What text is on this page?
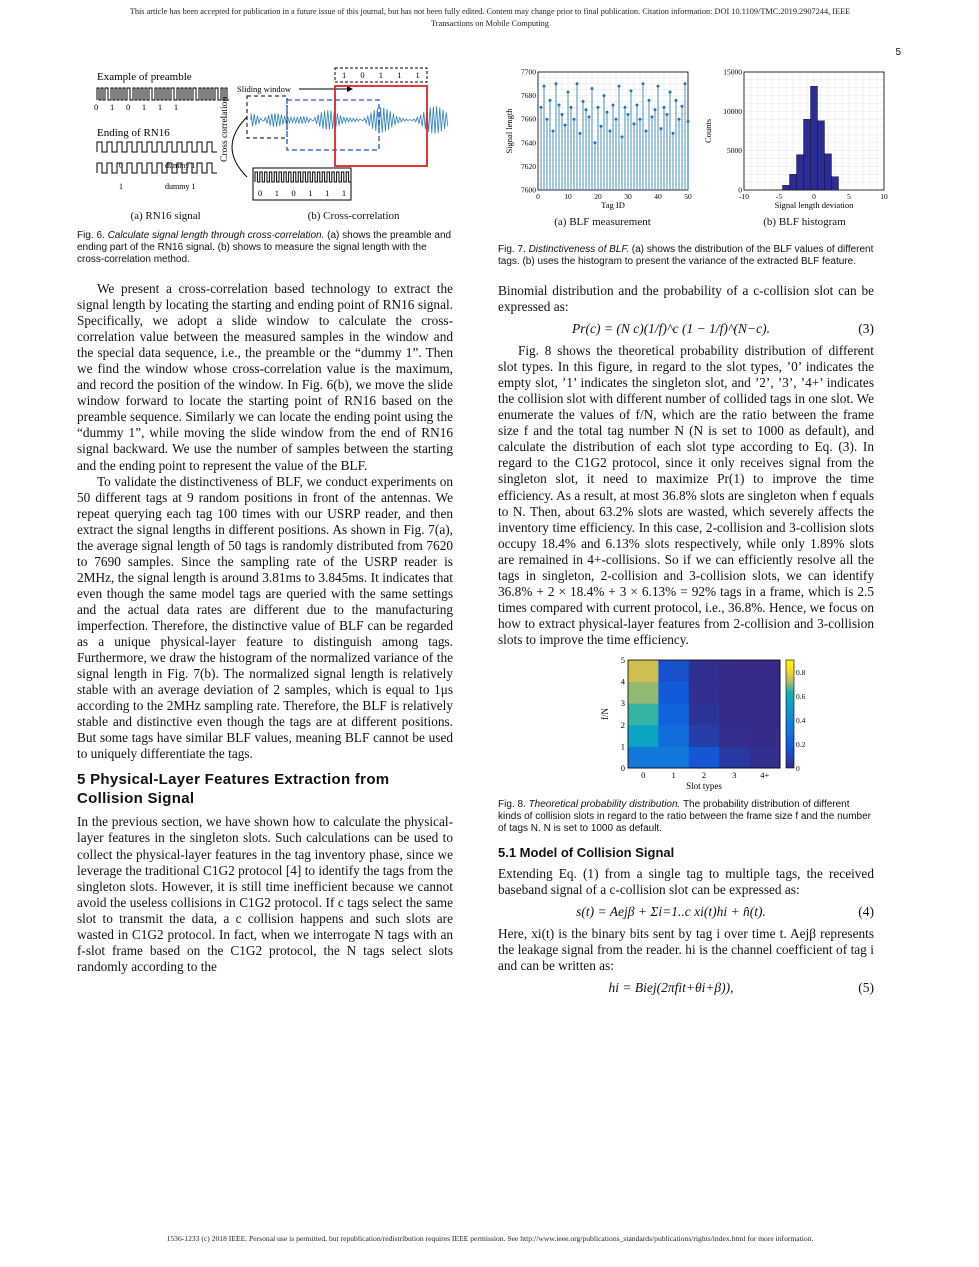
This article has been accepted for publication in a future issue of this journal, but has not been fully edited. Content may change prior to final publication. Citation information: DOI 10.1109/TMC.2019.2907244, IEEE
Transactions on Mobile Computing
5
Example of preamble
0 1 0 1 1 1
Ending of RN16
0	dummy 1
1	dummy 1
Cross correlation
1 0 1 1 1
Sliding window
0 1 0 1 1 1
(a) RN16 signal	(b) Cross-correlation

Fig. 6. Calculate signal length through cross-correlation. (a) shows the preamble and ending part of the RN16 signal. (b) shows to measure the signal length with the cross-correlation method.

We present a cross-correlation based technology to extract the signal length by locating the starting and ending point of RN16 signal. Specifically, we adopt a slide window to calculate the cross-correlation value between the measured samples in the window and the special data sequence, i.e., the preamble or the “dummy 1”. Then we find the window whose cross-correlation value is the maximum, and record the position of the window. In Fig. 6(b), we move the slide window forward to locate the starting point of RN16 based on the preamble sequence. Similarly we can locate the ending point using the “dummy 1”, while moving the slide window from the end of RN16 signal backward. We use the number of samples between the starting and the ending point to represent the value of the BLF.

To validate the distinctiveness of BLF, we conduct experiments on 50 different tags at 9 random positions in front of the antennas. We repeat querying each tag 100 times with our USRP reader, and then extract the signal lengths in different positions. As shown in Fig. 7(a), the average signal length of 50 tags is randomly distributed from 7620 to 7690 samples. Since the sampling rate of the USRP reader is 2MHz, the signal length is around 3.81ms to 3.845ms. It indicates that even though the same model tags are queried with the same settings and the actual data rates are different due to the manufacturing imperfection. Therefore, the distinctive value of BLF can be regarded as a unique physical-layer feature to distinguish among tags. Furthermore, we draw the histogram of the normalized variance of the signal length in Fig. 7(b). The normalized signal length is relatively stable with an average deviation of 2 samples, which is equal to 1μs according to the 2MHz sampling rate. Therefore, the BLF is relatively stable and distinctive even though the tags are at different positions. But some tags have similar BLF values, meaning BLF cannot be used to uniquely differentiate the tags.

5 Physical-Layer Features Extraction from Collision Signal

In the previous section, we have shown how to calculate the physical-layer features in the singleton slots. Such calculations can be used to collect the physical-layer features in the tag inventory phase, since we leverage the traditional C1G2 protocol [4] to identify the tags from the singleton slots. However, it is still time inefficient because we cannot avoid the useless collisions in C1G2 protocol. If c tags select the same slot to transmit the data, a c collision happens and such slots are wasted in C1G2 protocol. In fact, when we interrogate N tags with an f-slot frame based on the C1G2 protocol, the N tags select slots randomly according to the

0	10	20	30	40	50
7600
7620
7640
7660
7680
7700
Tag ID
Signal length
-10	-5	0	5	10
0
5000
10000
15000
Signal length deviation
Counts
(a) BLF measurement	(b) BLF histogram

Fig. 7. Distinctiveness of BLF. (a) shows the distribution of the BLF values of different tags. (b) uses the histogram to present the variance of the extracted BLF feature.

Binomial distribution and the probability of a c-collision slot can be expressed as:

Pr(c) = (N c)(1/f)^c (1 − 1/f)^(N−c).	(3)

Fig. 8 shows the theoretical probability distribution of different slot types. In this figure, in regard to the slot types, ’0’ indicates the empty slot, ’1’ indicates the singleton slot, and ’2’, ’3’, ’4+’ indicates the collision slot with different number of collided tags in one slot. We enumerate the values of f/N, which are the ratio between the frame size f and the total tag number N (N is set to 1000 as default), and calculate the distribution of each slot type according to Eq. (3). In regard to the C1G2 protocol, since it only receives signal from the singleton slot, it need to maximize Pr(1) to improve the time efficiency. As a result, at most 36.8% slots are singleton when f equals to N. Then, about 63.2% slots are wasted, which severely affects the inventory time efficiency. In this case, 2-collision and 3-collision slots occupy 18.4% and 6.13% slots respectively, while only 1.89% slots are remained in 4+-collisions. So if we can efficiently resolve all the tags in singleton, 2-collision and 3-collision slots, we can identify 36.8% + 2 × 18.4% + 3 × 6.13% = 92% tags in a frame, which is 2.5 times compared with current protocol, i.e., 36.8%. Hence, we focus on how to extract physical-layer features from 2-collision and 3-collision slots to improve the time efficiency.

0	1	2	3	4+
0
1
2
3
4
5
Slot types
f/N
0
0.2
0.4
0.6
0.8

Fig. 8. Theoretical probability distribution. The probability distribution of different kinds of collision slots in regard to the ratio between the frame size f and the number of tags N. N is set to 1000 as default.

5.1 Model of Collision Signal

Extending Eq. (1) from a single tag to multiple tags, the received baseband signal of a c-collision slot can be expressed as:

s(t) = Aejβ + Σi=1..c xi(t)hi + n̂(t).	(4)

Here, xi(t) is the binary bits sent by tag i over time t. Aejβ represents the leakage signal from the reader. hi is the channel coefficient of tag i and can be written as:

hi = Biej(2πfit+θi+β)),	(5)
1536-1233 (c) 2018 IEEE. Personal use is permitted, but republication/redistribution requires IEEE permission. See http://www.ieee.org/publications_standards/publications/rights/index.html for more information.
